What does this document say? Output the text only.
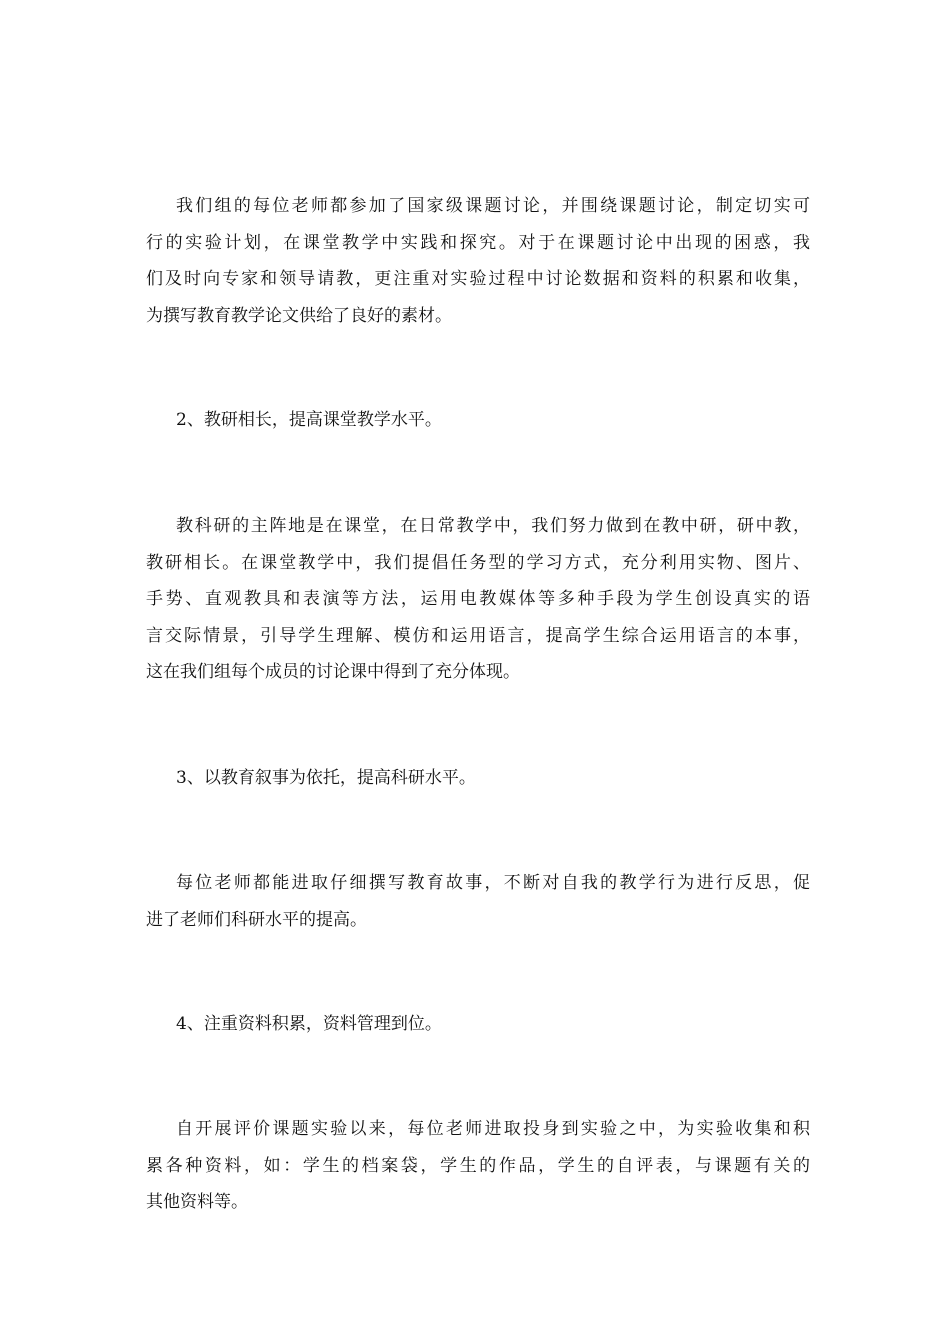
我们组的每位老师都参加了国家级课题讨论，并围绕课题讨论，制定切实可
行的实验计划，在课堂教学中实践和探究。对于在课题讨论中出现的困惑，我
们及时向专家和领导请教，更注重对实验过程中讨论数据和资料的积累和收集，
为撰写教育教学论文供给了良好的素材。
2、教研相长，提高课堂教学水平。
教科研的主阵地是在课堂，在日常教学中，我们努力做到在教中研，研中教，
教研相长。在课堂教学中，我们提倡任务型的学习方式，充分利用实物、图片、
手势、直观教具和表演等方法，运用电教媒体等多种手段为学生创设真实的语
言交际情景，引导学生理解、模仿和运用语言，提高学生综合运用语言的本事，
这在我们组每个成员的讨论课中得到了充分体现。
3、以教育叙事为依托，提高科研水平。
每位老师都能进取仔细撰写教育故事，不断对自我的教学行为进行反思，促
进了老师们科研水平的提高。
4、注重资料积累，资料管理到位。
自开展评价课题实验以来，每位老师进取投身到实验之中，为实验收集和积
累各种资料，如：学生的档案袋，学生的作品，学生的自评表，与课题有关的
其他资料等。
